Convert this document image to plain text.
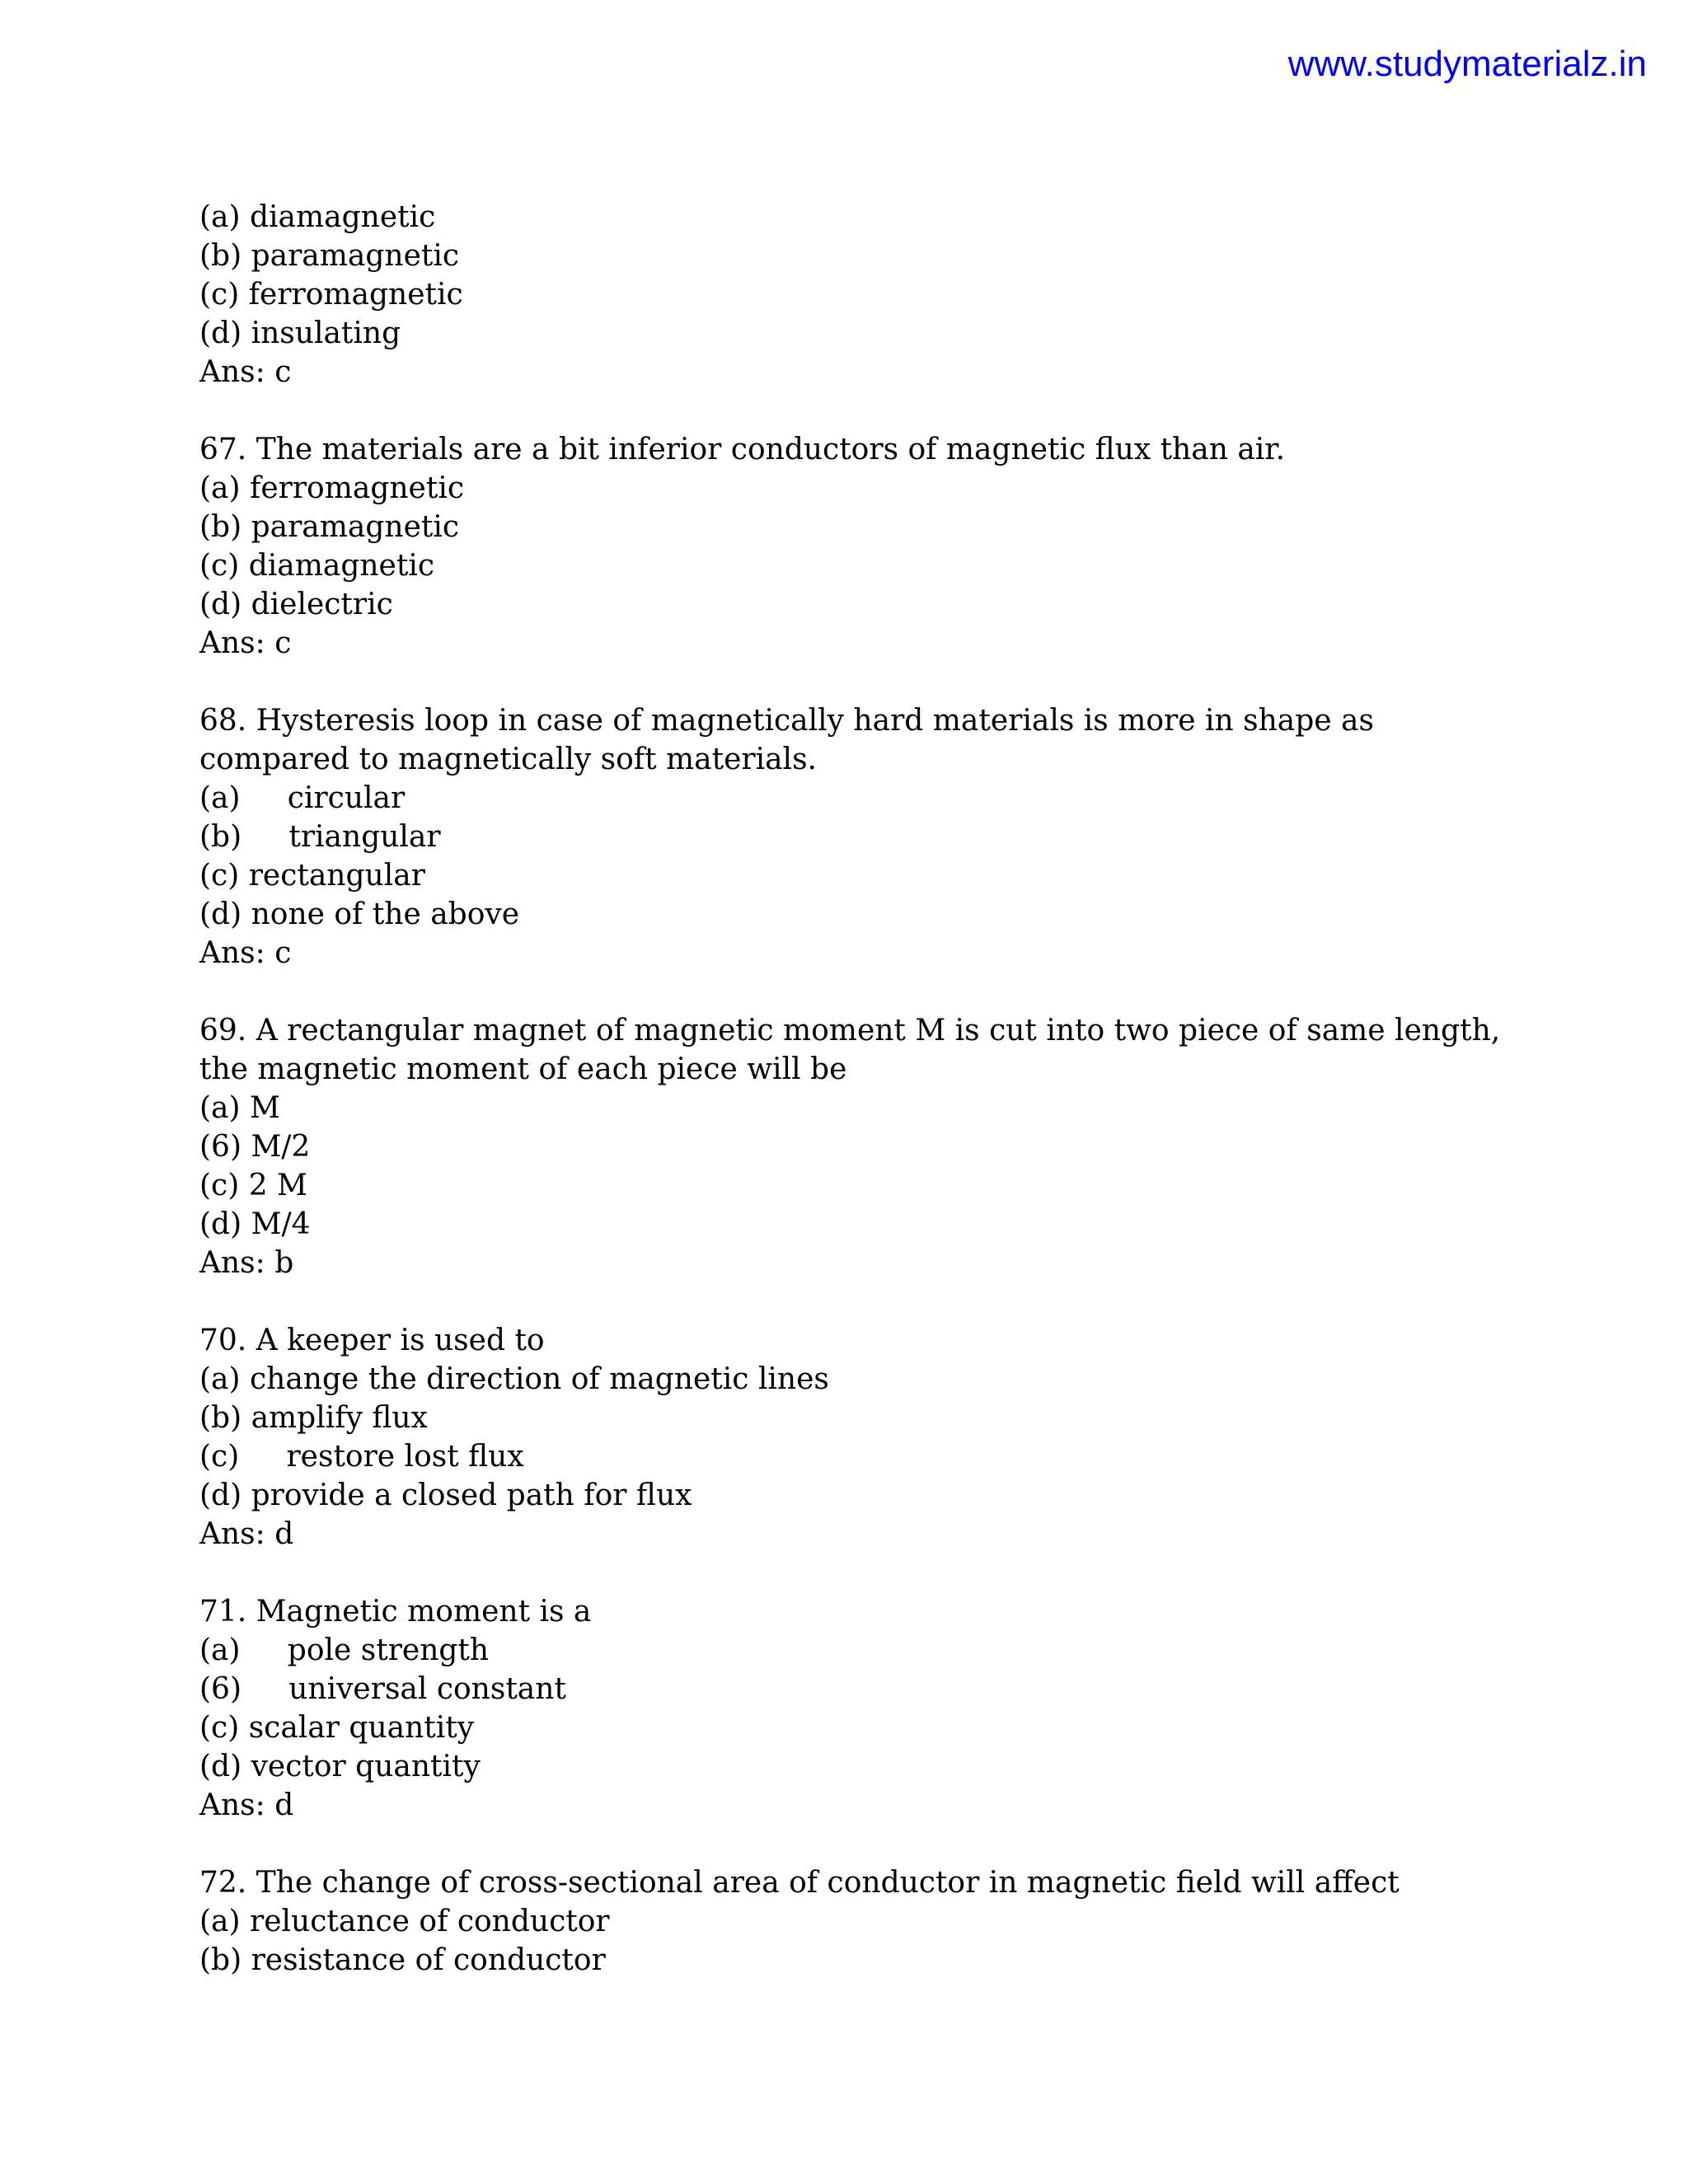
www.studymaterialz.in
(a) diamagnetic
(b) paramagnetic
(c) ferromagnetic
(d) insulating
Ans: c
67. The materials are a bit inferior conductors of magnetic flux than air.
(a) ferromagnetic
(b) paramagnetic
(c) diamagnetic
(d) dielectric
Ans: c
68. Hysteresis loop in case of magnetically hard materials is more in shape as compared to magnetically soft materials.
(a)     circular
(b)     triangular
(c) rectangular
(d) none of the above
Ans: c
69. A rectangular magnet of magnetic moment M is cut into two piece of same length, the magnetic moment of each piece will be
(a) M
(6) M/2
(c) 2 M
(d) M/4
Ans: b
70. A keeper is used to
(a) change the direction of magnetic lines
(b) amplify flux
(c)     restore lost flux
(d) provide a closed path for flux
Ans: d
71. Magnetic moment is a
(a)     pole strength
(6)     universal constant
(c) scalar quantity
(d) vector quantity
Ans: d
72. The change of cross-sectional area of conductor in magnetic field will affect
(a) reluctance of conductor
(b) resistance of conductor
